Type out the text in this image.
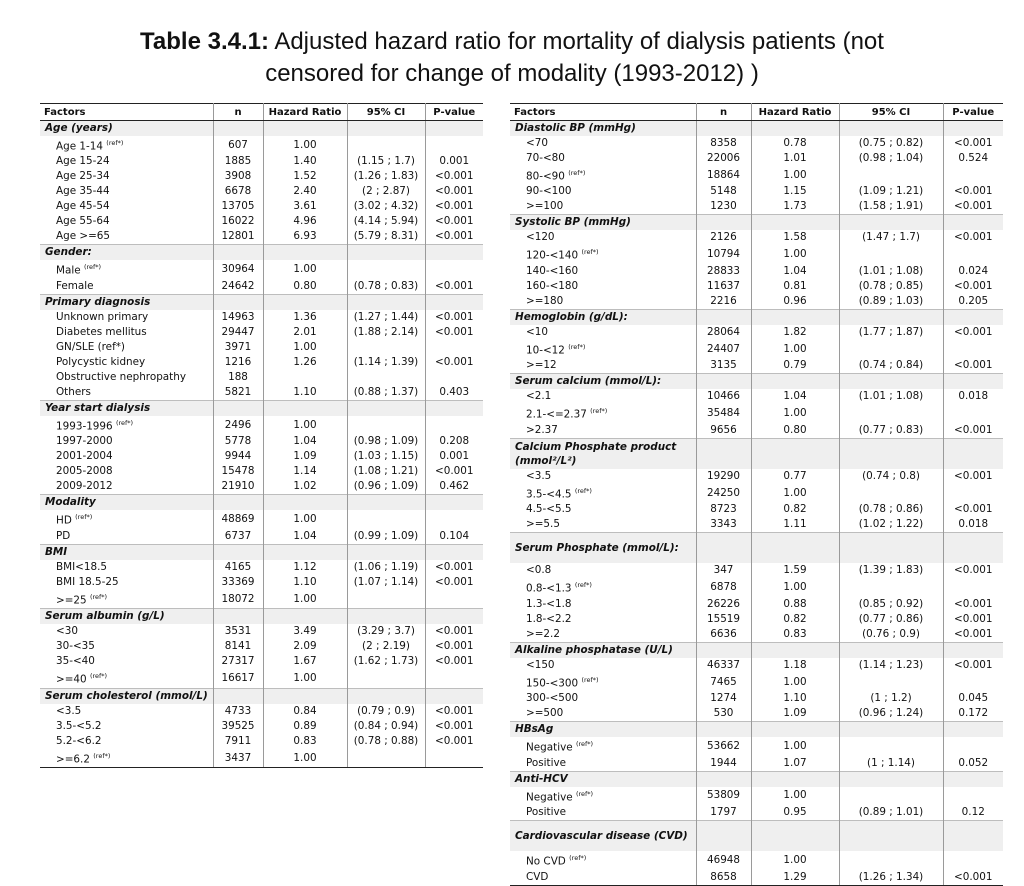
Table 3.4.1: Adjusted hazard ratio for mortality of dialysis patients (not
censored for change of modality (1993-2012) )
Factors	n	Hazard Ratio	95% CI	P-value
Age (years)				
Age 1-14 $^{(ref*)}$	607	1.00		
Age 15-24	1885	1.40	(1.15 ; 1.7)	0.001
Age 25-34	3908	1.52	(1.26 ; 1.83)	<0.001
Age 35-44	6678	2.40	(2 ; 2.87)	<0.001
Age 45-54	13705	3.61	(3.02 ; 4.32)	<0.001
Age 55-64	16022	4.96	(4.14 ; 5.94)	<0.001
Age >=65	12801	6.93	(5.79 ; 8.31)	<0.001
Gender:				
Male $^{(ref*)}$	30964	1.00		
Female	24642	0.80	(0.78 ; 0.83)	<0.001
Primary diagnosis				
Unknown primary	14963	1.36	(1.27 ; 1.44)	<0.001
Diabetes mellitus	29447	2.01	(1.88 ; 2.14)	<0.001
GN/SLE (ref*)	3971	1.00		
Polycystic kidney	1216	1.26	(1.14 ; 1.39)	<0.001
Obstructive nephropathy	188			
Others	5821	1.10	(0.88 ; 1.37)	0.403
Year start dialysis				
1993-1996 $^{(ref*)}$	2496	1.00		
1997-2000	5778	1.04	(0.98 ; 1.09)	0.208
2001-2004	9944	1.09	(1.03 ; 1.15)	0.001
2005-2008	15478	1.14	(1.08 ; 1.21)	<0.001
2009-2012	21910	1.02	(0.96 ; 1.09)	0.462
Modality				
HD $^{(ref*)}$	48869	1.00		
PD	6737	1.04	(0.99 ; 1.09)	0.104
BMI				
BMI<18.5	4165	1.12	(1.06 ; 1.19)	<0.001
BMI 18.5-25	33369	1.10	(1.07 ; 1.14)	<0.001
>=25 $^{(ref*)}$	18072	1.00		
Serum albumin (g/L)				
<30	3531	3.49	(3.29 ; 3.7)	<0.001
30-<35	8141	2.09	(2 ; 2.19)	<0.001
35-<40	27317	1.67	(1.62 ; 1.73)	<0.001
>=40 $^{(ref*)}$	16617	1.00		
Serum cholesterol (mmol/L)				
<3.5	4733	0.84	(0.79 ; 0.9)	<0.001
3.5-<5.2	39525	0.89	(0.84 ; 0.94)	<0.001
5.2-<6.2	7911	0.83	(0.78 ; 0.88)	<0.001
>=6.2 $^{(ref*)}$	3437	1.00		
Factors	n	Hazard Ratio	95% CI	P-value
Diastolic BP (mmHg)				
<70	8358	0.78	(0.75 ; 0.82)	<0.001
70-<80	22006	1.01	(0.98 ; 1.04)	0.524
80-<90 $^{(ref*)}$	18864	1.00		
90-<100	5148	1.15	(1.09 ; 1.21)	<0.001
>=100	1230	1.73	(1.58 ; 1.91)	<0.001
Systolic BP (mmHg)				
<120	2126	1.58	(1.47 ; 1.7)	<0.001
120-<140 $^{(ref*)}$	10794	1.00		
140-<160	28833	1.04	(1.01 ; 1.08)	0.024
160-<180	11637	0.81	(0.78 ; 0.85)	<0.001
>=180	2216	0.96	(0.89 ; 1.03)	0.205
Hemoglobin (g/dL):				
<10	28064	1.82	(1.77 ; 1.87)	<0.001
10-<12 $^{(ref*)}$	24407	1.00		
>=12	3135	0.79	(0.74 ; 0.84)	<0.001
Serum calcium (mmol/L):				
<2.1	10466	1.04	(1.01 ; 1.08)	0.018
2.1-<=2.37 $^{(ref*)}$	35484	1.00		
>2.37	9656	0.80	(0.77 ; 0.83)	<0.001
Calcium Phosphate product (mmol²/L²)				
<3.5	19290	0.77	(0.74 ; 0.8)	<0.001
3.5-<4.5 $^{(ref*)}$	24250	1.00		
4.5-<5.5	8723	0.82	(0.78 ; 0.86)	<0.001
>=5.5	3343	1.11	(1.02 ; 1.22)	0.018
Serum Phosphate (mmol/L):				
<0.8	347	1.59	(1.39 ; 1.83)	<0.001
0.8-<1.3 $^{(ref*)}$	6878	1.00		
1.3-<1.8	26226	0.88	(0.85 ; 0.92)	<0.001
1.8-<2.2	15519	0.82	(0.77 ; 0.86)	<0.001
>=2.2	6636	0.83	(0.76 ; 0.9)	<0.001
Alkaline phosphatase (U/L)				
<150	46337	1.18	(1.14 ; 1.23)	<0.001
150-<300 $^{(ref*)}$	7465	1.00		
300-<500	1274	1.10	(1 ; 1.2)	0.045
>=500	530	1.09	(0.96 ; 1.24)	0.172
HBsAg				
Negative $^{(ref*)}$	53662	1.00		
Positive	1944	1.07	(1 ; 1.14)	0.052
Anti-HCV				
Negative $^{(ref*)}$	53809	1.00		
Positive	1797	0.95	(0.89 ; 1.01)	0.12
Cardiovascular disease (CVD)				
No CVD $^{(ref*)}$	46948	1.00		
CVD	8658	1.29	(1.26 ; 1.34)	<0.001
